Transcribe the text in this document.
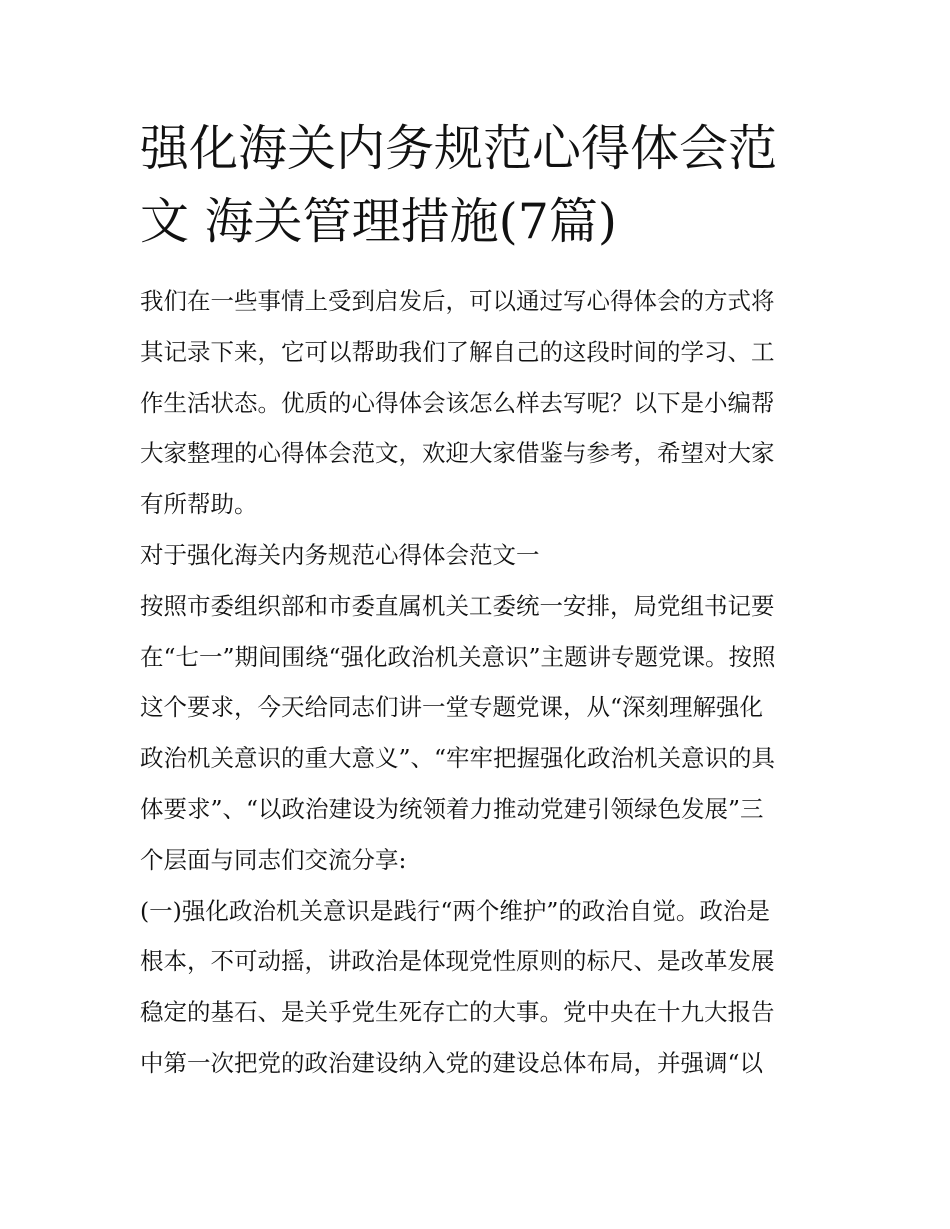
强化海关内务规范心得体会范
文 海关管理措施(7篇)
我们在一些事情上受到启发后，可以通过写心得体会的方式将
其记录下来，它可以帮助我们了解自己的这段时间的学习、工
作生活状态。优质的心得体会该怎么样去写呢？以下是小编帮
大家整理的心得体会范文，欢迎大家借鉴与参考，希望对大家
有所帮助。
对于强化海关内务规范心得体会范文一
按照市委组织部和市委直属机关工委统一安排，局党组书记要
在“七一”期间围绕“强化政治机关意识”主题讲专题党课。按照
这个要求，今天给同志们讲一堂专题党课，从“深刻理解强化
政治机关意识的重大意义”、“牢牢把握强化政治机关意识的具
体要求”、“以政治建设为统领着力推动党建引领绿色发展”三
个层面与同志们交流分享:
(一)强化政治机关意识是践行“两个维护”的政治自觉。政治是
根本，不可动摇，讲政治是体现党性原则的标尺、是改革发展
稳定的基石、是关乎党生死存亡的大事。党中央在十九大报告
中第一次把党的政治建设纳入党的建设总体布局，并强调“以
